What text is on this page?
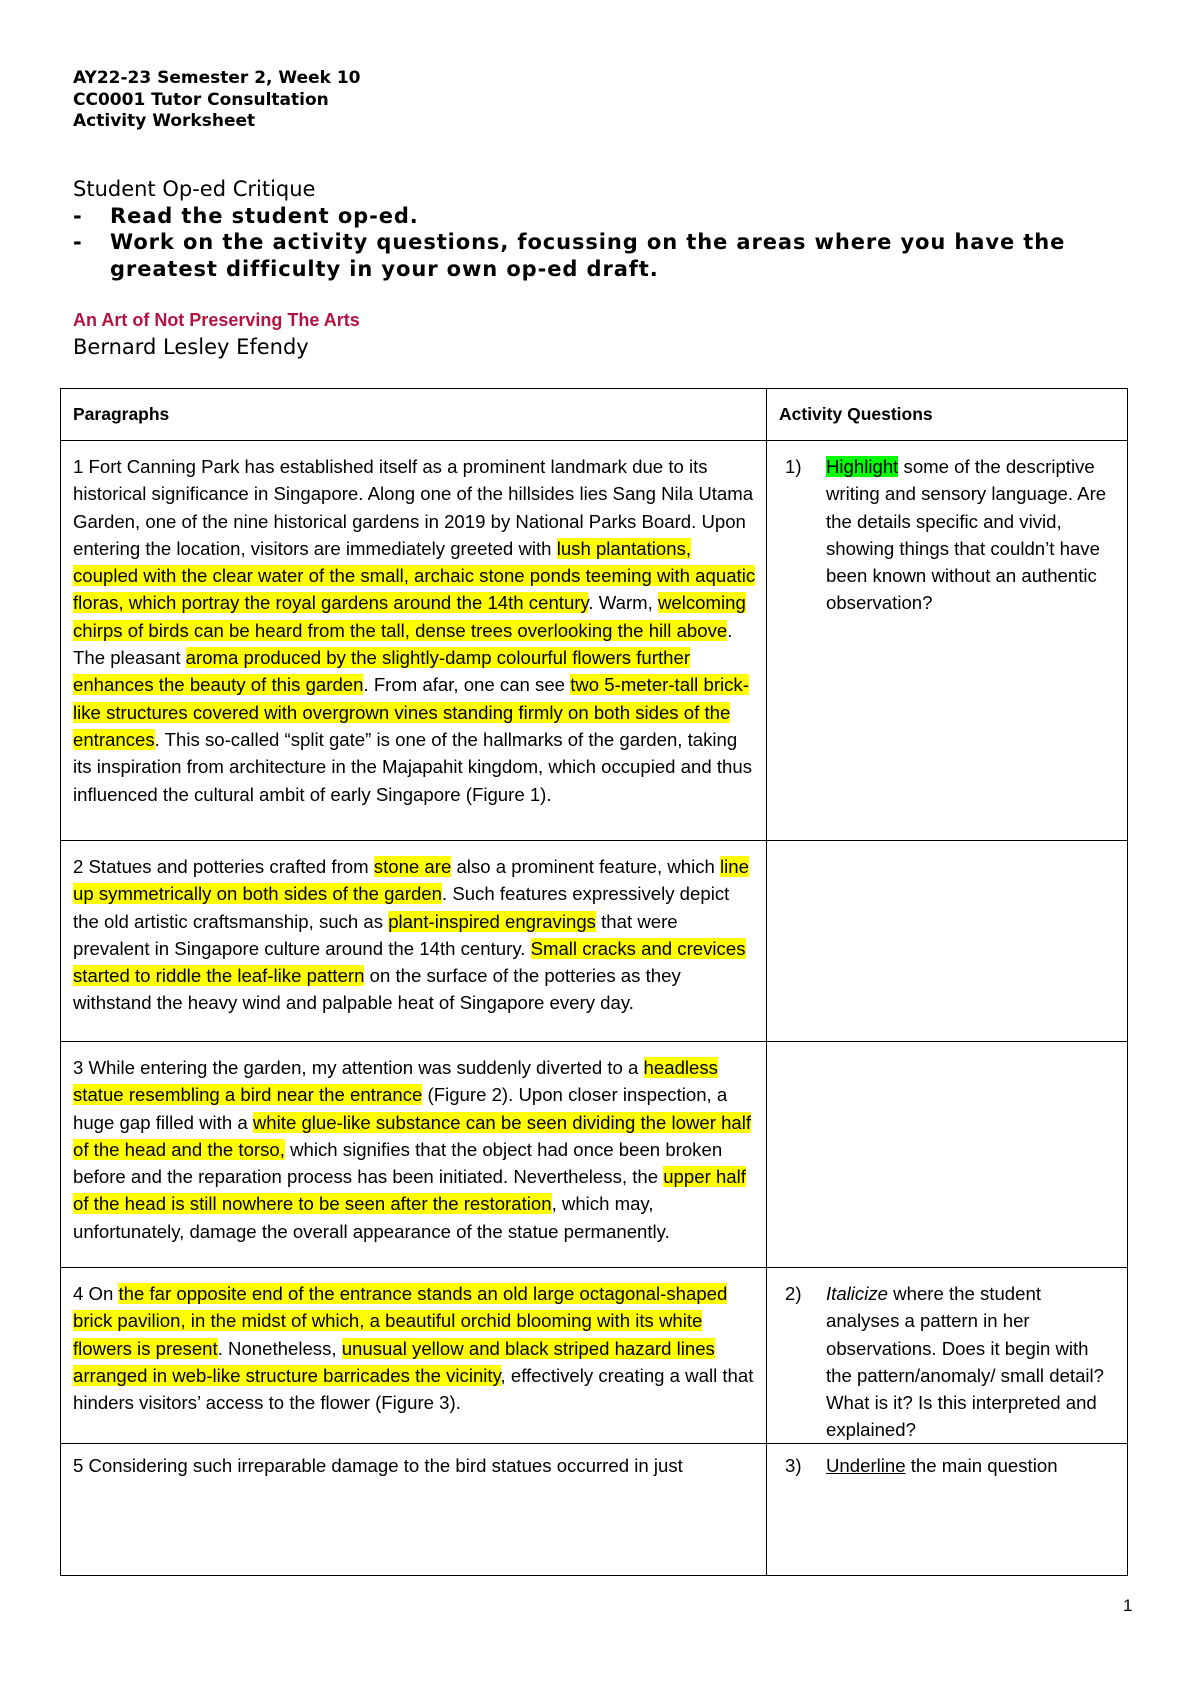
AY22-23 Semester 2, Week 10
CC0001 Tutor Consultation
Activity Worksheet
Student Op-ed Critique
- Read the student op-ed.
- Work on the activity questions, focussing on the areas where you have the greatest difficulty in your own op-ed draft.
An Art of Not Preserving The Arts
Bernard Lesley Efendy
Paragraphs	Activity Questions
1 Fort Canning Park has established itself as a prominent landmark due to its historical significance in Singapore. Along one of the hillsides lies Sang Nila Utama Garden, one of the nine historical gardens in 2019 by National Parks Board. Upon entering the location, visitors are immediately greeted with lush plantations, coupled with the clear water of the small, archaic stone ponds teeming with aquatic floras, which portray the royal gardens around the 14th century. Warm, welcoming chirps of birds can be heard from the tall, dense trees overlooking the hill above. The pleasant aroma produced by the slightly-damp colourful flowers further enhances the beauty of this garden. From afar, one can see two 5-meter-tall brick-like structures covered with overgrown vines standing firmly on both sides of the entrances. This so-called “split gate” is one of the hallmarks of the garden, taking its inspiration from architecture in the Majapahit kingdom, which occupied and thus influenced the cultural ambit of early Singapore (Figure 1).
1) Highlight some of the descriptive writing and sensory language. Are the details specific and vivid, showing things that couldn’t have been known without an authentic observation?
2 Statues and potteries crafted from stone are also a prominent feature, which line up symmetrically on both sides of the garden. Such features expressively depict the old artistic craftsmanship, such as plant-inspired engravings that were prevalent in Singapore culture around the 14th century. Small cracks and crevices started to riddle the leaf-like pattern on the surface of the potteries as they withstand the heavy wind and palpable heat of Singapore every day.
3 While entering the garden, my attention was suddenly diverted to a headless statue resembling a bird near the entrance (Figure 2). Upon closer inspection, a huge gap filled with a white glue-like substance can be seen dividing the lower half of the head and the torso, which signifies that the object had once been broken before and the reparation process has been initiated. Nevertheless, the upper half of the head is still nowhere to be seen after the restoration, which may, unfortunately, damage the overall appearance of the statue permanently.
4 On the far opposite end of the entrance stands an old large octagonal-shaped brick pavilion, in the midst of which, a beautiful orchid blooming with its white flowers is present. Nonetheless, unusual yellow and black striped hazard lines arranged in web-like structure barricades the vicinity, effectively creating a wall that hinders visitors’ access to the flower (Figure 3).
2) Italicize where the student analyses a pattern in her observations. Does it begin with the pattern/anomaly/ small detail? What is it? Is this interpreted and explained?
5 Considering such irreparable damage to the bird statues occurred in just	3) Underline the main question
1
